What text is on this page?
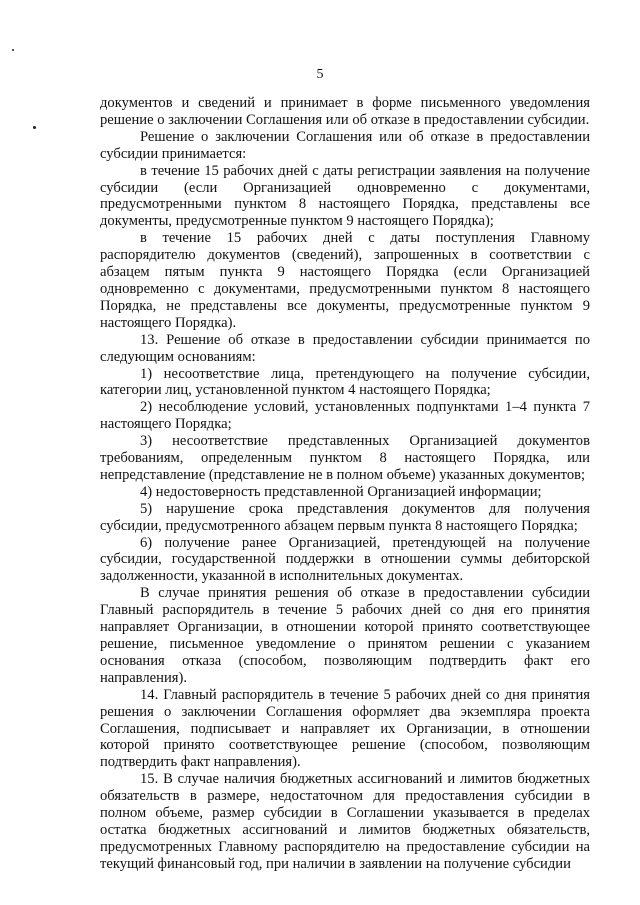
5

документов и сведений и принимает в форме письменного уведомления решение о заключении Соглашения или об отказе в предоставлении субсидии.

Решение о заключении Соглашения или об отказе в предоставлении субсидии принимается:

в течение 15 рабочих дней с даты регистрации заявления на получение субсидии (если Организацией одновременно с документами, предусмотренными пунктом 8 настоящего Порядка, представлены все документы, предусмотренные пунктом 9 настоящего Порядка);

в течение 15 рабочих дней с даты поступления Главному распорядителю документов (сведений), запрошенных в соответствии с абзацем пятым пункта 9 настоящего Порядка (если Организацией одновременно с документами, предусмотренными пунктом 8 настоящего Порядка, не представлены все документы, предусмотренные пунктом 9 настоящего Порядка).

13. Решение об отказе в предоставлении субсидии принимается по следующим основаниям:

1) несоответствие лица, претендующего на получение субсидии, категории лиц, установленной пунктом 4 настоящего Порядка;

2) несоблюдение условий, установленных подпунктами 1–4 пункта 7 настоящего Порядка;

3) несоответствие представленных Организацией документов требованиям, определенным пунктом 8 настоящего Порядка, или непредставление (представление не в полном объеме) указанных документов;

4) недостоверность представленной Организацией информации;

5) нарушение срока представления документов для получения субсидии, предусмотренного абзацем первым пункта 8 настоящего Порядка;

6) получение ранее Организацией, претендующей на получение субсидии, государственной поддержки в отношении суммы дебиторской задолженности, указанной в исполнительных документах.

В случае принятия решения об отказе в предоставлении субсидии Главный распорядитель в течение 5 рабочих дней со дня его принятия направляет Организации, в отношении которой принято соответствующее решение, письменное уведомление о принятом решении с указанием основания отказа (способом, позволяющим подтвердить факт его направления).

14. Главный распорядитель в течение 5 рабочих дней со дня принятия решения о заключении Соглашения оформляет два экземпляра проекта Соглашения, подписывает и направляет их Организации, в отношении которой принято соответствующее решение (способом, позволяющим подтвердить факт направления).

15. В случае наличия бюджетных ассигнований и лимитов бюджетных обязательств в размере, недостаточном для предоставления субсидии в полном объеме, размер субсидии в Соглашении указывается в пределах остатка бюджетных ассигнований и лимитов бюджетных обязательств, предусмотренных Главному распорядителю на предоставление субсидии на текущий финансовый год, при наличии в заявлении на получение субсидии
